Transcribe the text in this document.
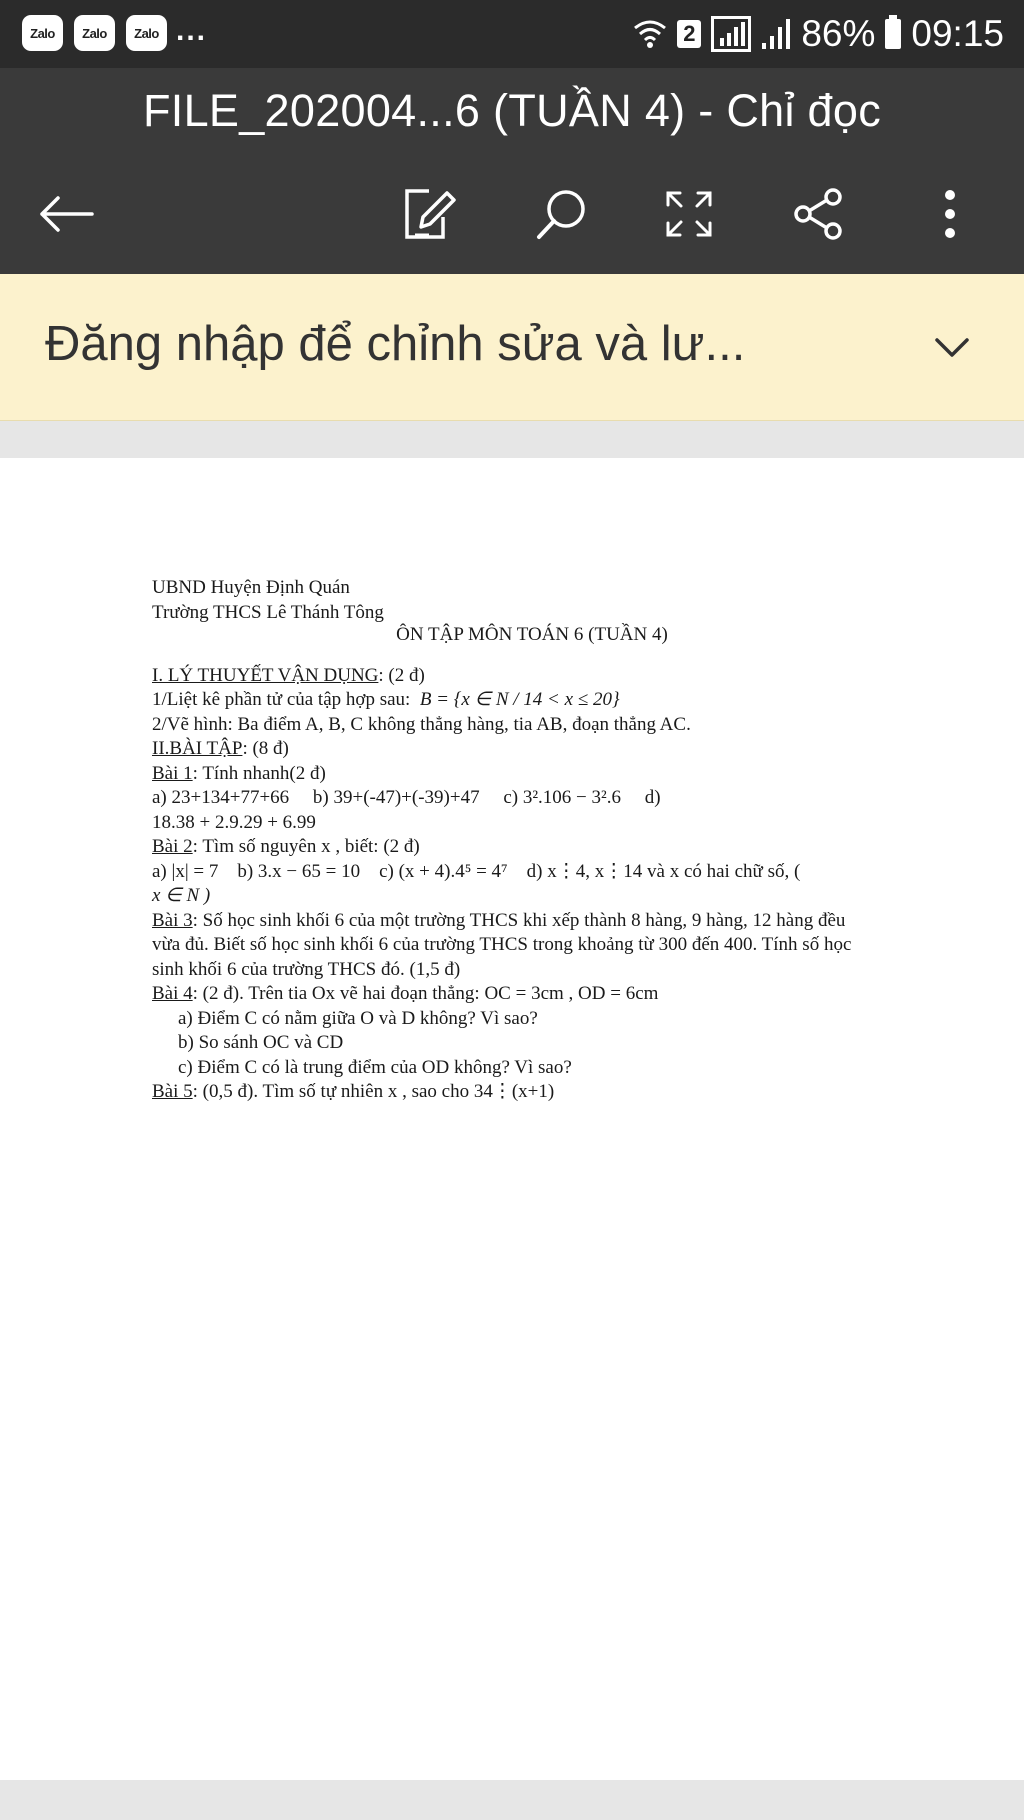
Zalo	Zalo	Zalo ...	2	86% 09:15
FILE_202004...6 (TUẦN 4) - Chỉ đọc
Đăng nhập để chỉnh sửa và lư...

UBND Huyện Định Quán

Trường THCS Lê Thánh Tông

ÔN TẬP MÔN TOÁN 6 (TUẦN 4)

I. LÝ THUYẾT VẬN DỤNG: (2 đ)

1/Liệt kê phần tử của tập hợp sau: B = {x ∈ N / 14 < x ≤ 20}

2/Vẽ hình: Ba điểm A, B, C không thẳng hàng, tia AB, đoạn thẳng AC.

II.BÀI TẬP: (8 đ)

Bài 1: Tính nhanh(2 đ)

a) 23+134+77+66     b) 39+(-47)+(-39)+47     c) 3².106 − 3².6     d)

18.38 + 2.9.29 + 6.99

Bài 2: Tìm số nguyên x , biết: (2 đ)

a) |x| = 7    b) 3.x − 65 = 10    c) (x + 4).4⁵ = 4⁷    d) x⋮4, x⋮14 và x có hai chữ số, (

x ∈ N )

Bài 3: Số học sinh khối 6 của một trường THCS khi xếp thành 8 hàng, 9 hàng, 12 hàng đều vừa đủ. Biết số học sinh khối 6 của trường THCS trong khoảng từ 300 đến 400. Tính số học sinh khối 6 của trường THCS đó. (1,5 đ)

Bài 4: (2 đ). Trên tia Ox vẽ hai đoạn thẳng: OC = 3cm , OD = 6cm

a) Điểm C có nằm giữa O và D không? Vì sao?

b) So sánh OC và CD

c) Điểm C có là trung điểm của OD không? Vì sao?

Bài 5: (0,5 đ). Tìm số tự nhiên x , sao cho 34⋮(x+1)
